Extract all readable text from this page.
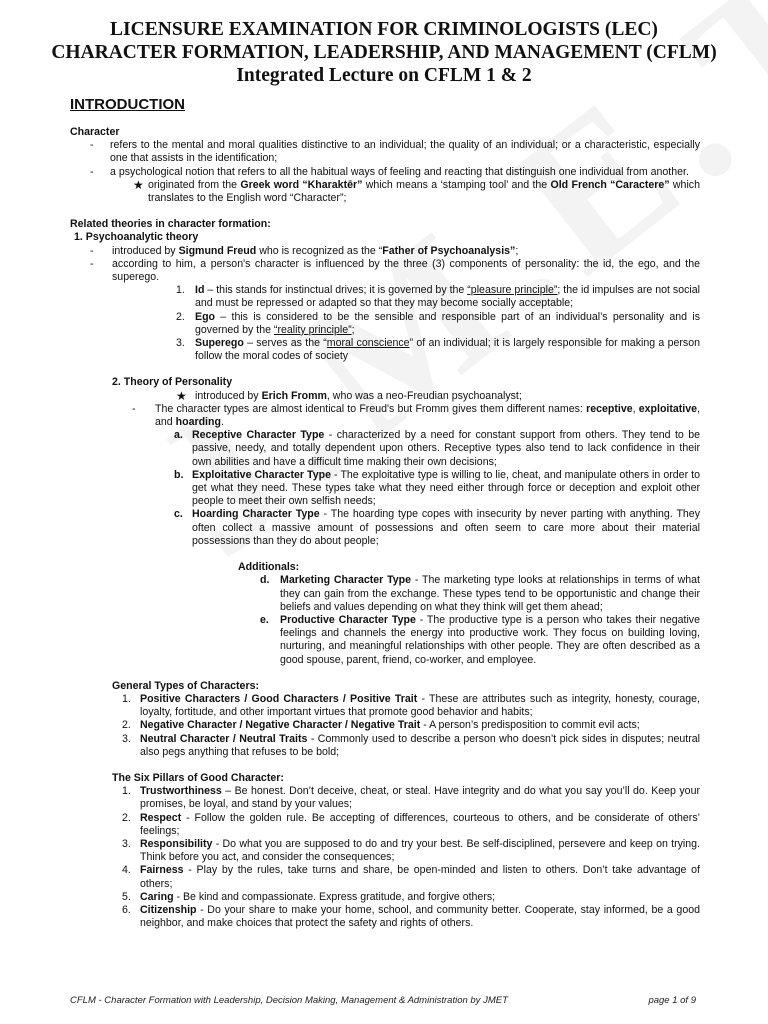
LICENSURE EXAMINATION FOR CRIMINOLOGISTS (LEC)
CHARACTER FORMATION, LEADERSHIP, AND MANAGEMENT (CFLM)
Integrated Lecture on CFLM 1 & 2
INTRODUCTION
Character
- refers to the mental and moral qualities distinctive to an individual; the quality of an individual; or a characteristic, especially one that assists in the identification;
- a psychological notion that refers to all the habitual ways of feeling and reacting that distinguish one individual from another.
★ originated from the Greek word “Kharaktēr” which means a ‘stamping tool’ and the Old French “Caractere” which translates to the English word “Character”;
Related theories in character formation:
1. Psychoanalytic theory
- introduced by Sigmund Freud who is recognized as the “Father of Psychoanalysis”;
- according to him, a person's character is influenced by the three (3) components of personality: the id, the ego, and the superego.
1. Id – this stands for instinctual drives; it is governed by the “pleasure principle”; the id impulses are not social and must be repressed or adapted so that they may become socially acceptable;
2. Ego – this is considered to be the sensible and responsible part of an individual’s personality and is governed by the “reality principle”;
3. Superego – serves as the “moral conscience” of an individual; it is largely responsible for making a person follow the moral codes of society
2. Theory of Personality
★ introduced by Erich Fromm, who was a neo-Freudian psychoanalyst;
- The character types are almost identical to Freud's but Fromm gives them different names: receptive, exploitative, and hoarding.
a. Receptive Character Type - characterized by a need for constant support from others. They tend to be passive, needy, and totally dependent upon others. Receptive types also tend to lack confidence in their own abilities and have a difficult time making their own decisions;
b. Exploitative Character Type - The exploitative type is willing to lie, cheat, and manipulate others in order to get what they need. These types take what they need either through force or deception and exploit other people to meet their own selfish needs;
c. Hoarding Character Type - The hoarding type copes with insecurity by never parting with anything. They often collect a massive amount of possessions and often seem to care more about their material possessions than they do about people;
Additionals:
d. Marketing Character Type - The marketing type looks at relationships in terms of what they can gain from the exchange. These types tend to be opportunistic and change their beliefs and values depending on what they think will get them ahead;
e. Productive Character Type - The productive type is a person who takes their negative feelings and channels the energy into productive work. They focus on building loving, nurturing, and meaningful relationships with other people. They are often described as a good spouse, parent, friend, co-worker, and employee.
General Types of Characters:
1. Positive Characters / Good Characters / Positive Trait - These are attributes such as integrity, honesty, courage, loyalty, fortitude, and other important virtues that promote good behavior and habits;
2. Negative Character / Negative Character / Negative Trait - A person’s predisposition to commit evil acts;
3. Neutral Character / Neutral Traits - Commonly used to describe a person who doesn’t pick sides in disputes; neutral also pegs anything that refuses to be bold;
The Six Pillars of Good Character:
1. Trustworthiness – Be honest. Don’t deceive, cheat, or steal. Have integrity and do what you say you’ll do. Keep your promises, be loyal, and stand by your values;
2. Respect - Follow the golden rule. Be accepting of differences, courteous to others, and be considerate of others’ feelings;
3. Responsibility - Do what you are supposed to do and try your best. Be self-disciplined, persevere and keep on trying. Think before you act, and consider the consequences;
4. Fairness - Play by the rules, take turns and share, be open-minded and listen to others. Don’t take advantage of others;
5. Caring - Be kind and compassionate. Express gratitude, and forgive others;
6. Citizenship - Do your share to make your home, school, and community better. Cooperate, stay informed, be a good neighbor, and make choices that protect the safety and rights of others.
CFLM - Character Formation with Leadership, Decision Making, Management & Administration by JMET	page 1 of 9
